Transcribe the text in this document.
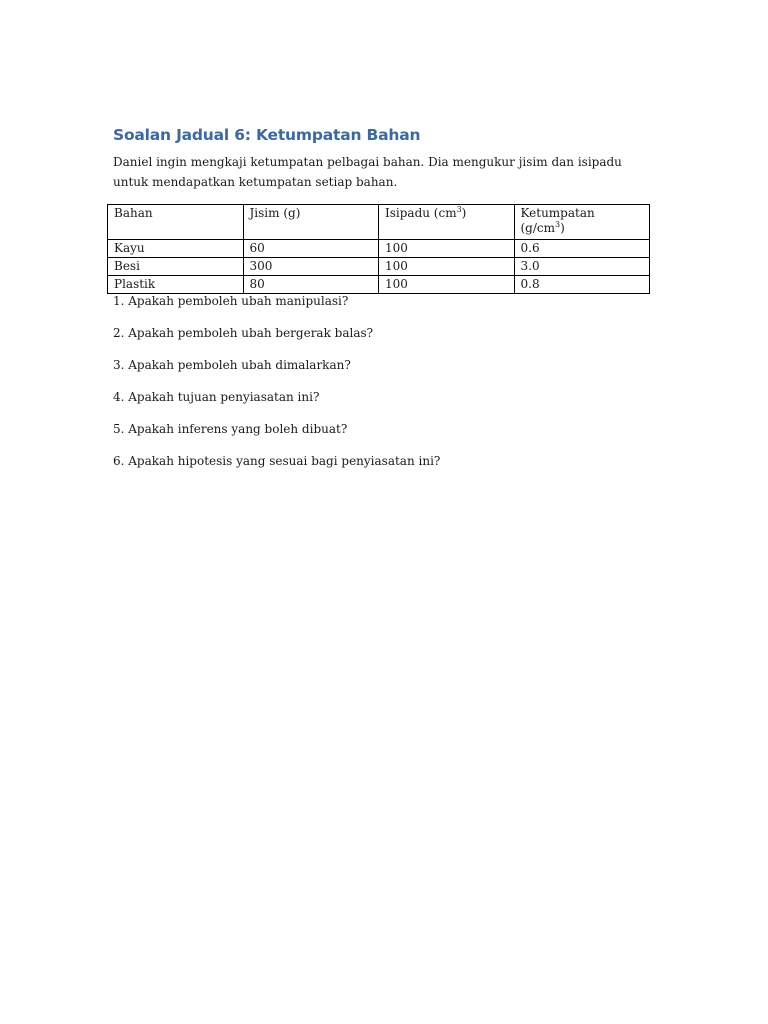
Soalan Jadual 6: Ketumpatan Bahan

Daniel ingin mengkaji ketumpatan pelbagai bahan. Dia mengukur jisim dan isipadu untuk mendapatkan ketumpatan setiap bahan.

Bahan	Jisim (g)	Isipadu $(cm^3)$	Ketumpatan
$(g/cm^3)$
Kayu	60	100	0.6
Besi	300	100	3.0
Plastik	80	100	0.8

1. Apakah pemboleh ubah manipulasi?

2. Apakah pemboleh ubah bergerak balas?

3. Apakah pemboleh ubah dimalarkan?

4. Apakah tujuan penyiasatan ini?

5. Apakah inferens yang boleh dibuat?

6. Apakah hipotesis yang sesuai bagi penyiasatan ini?
